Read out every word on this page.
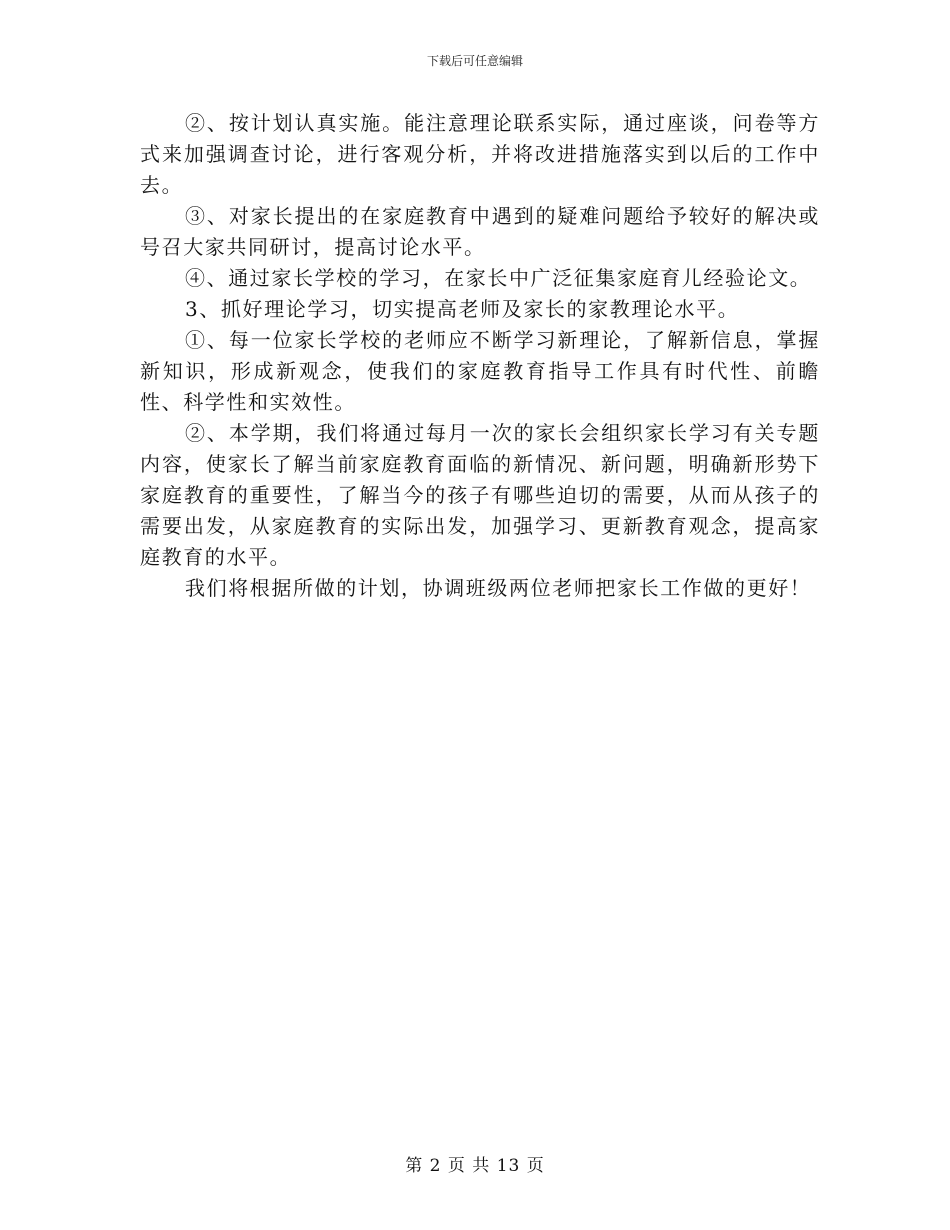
下载后可任意编辑

②、按计划认真实施。能注意理论联系实际，通过座谈，问卷等方式来加强调查讨论，进行客观分析，并将改进措施落实到以后的工作中去。

③、对家长提出的在家庭教育中遇到的疑难问题给予较好的解决或号召大家共同研讨，提高讨论水平。

④、通过家长学校的学习，在家长中广泛征集家庭育儿经验论文。

3、抓好理论学习，切实提高老师及家长的家教理论水平。

①、每一位家长学校的老师应不断学习新理论，了解新信息，掌握新知识，形成新观念，使我们的家庭教育指导工作具有时代性、前瞻性、科学性和实效性。

②、本学期，我们将通过每月一次的家长会组织家长学习有关专题内容，使家长了解当前家庭教育面临的新情况、新问题，明确新形势下家庭教育的重要性，了解当今的孩子有哪些迫切的需要，从而从孩子的需要出发，从家庭教育的实际出发，加强学习、更新教育观念，提高家庭教育的水平。

我们将根据所做的计划，协调班级两位老师把家长工作做的更好！

第 2 页 共 13 页
